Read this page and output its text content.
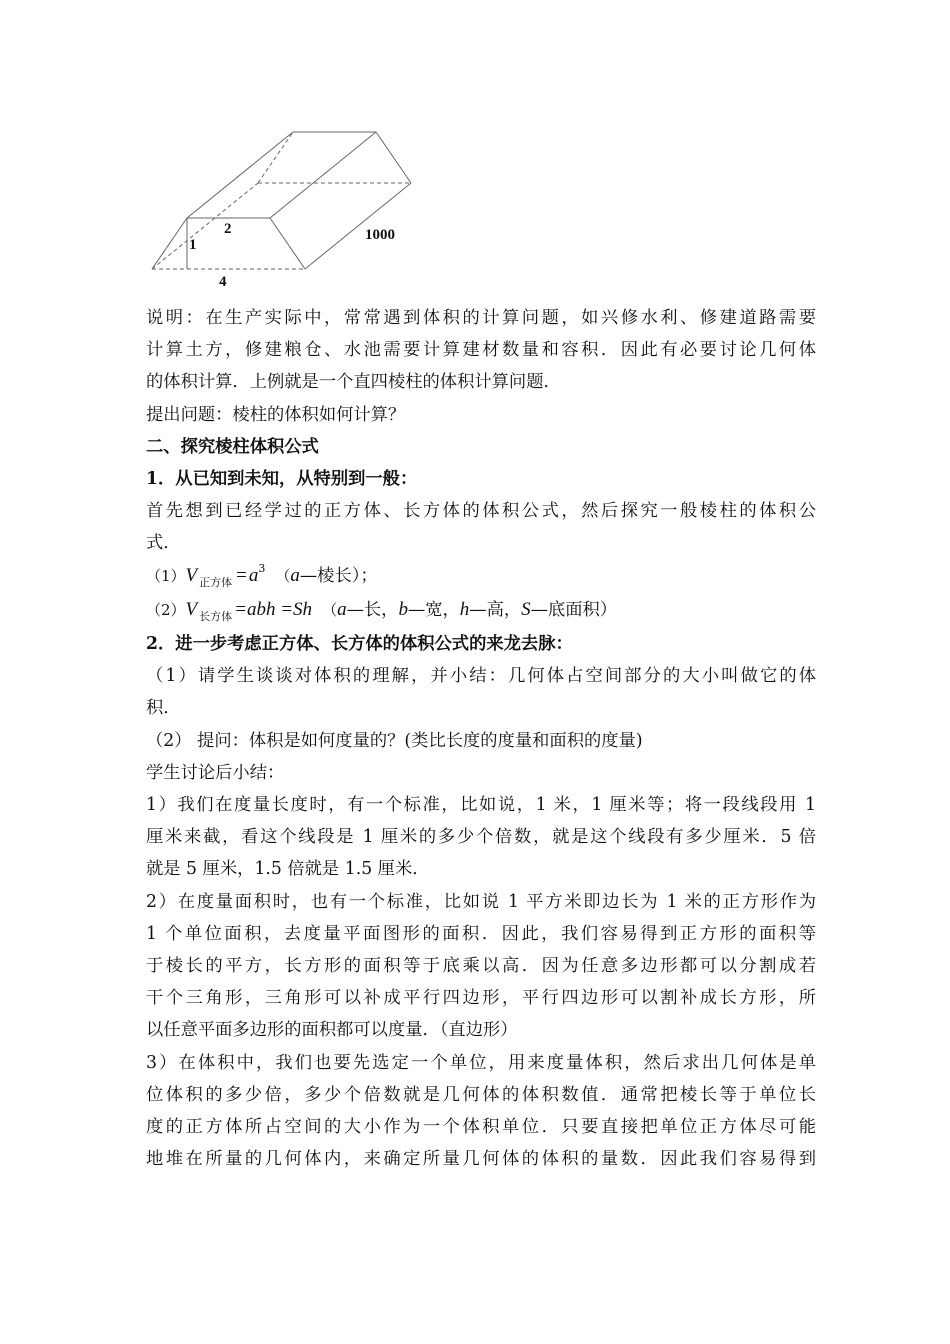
2
1
4
1000

说明：在生产实际中，常常遇到体积的计算问题，如兴修水利、修建道路需要

计算土方，修建粮仓、水池需要计算建材数量和容积．因此有必要讨论几何体

的体积计算．上例就是一个直四棱柱的体积计算问题．

提出问题：棱柱的体积如何计算？

二、探究棱柱体积公式

1．从已知到未知，从特别到一般：

首先想到已经学过的正方体、长方体的体积公式，然后探究一般棱柱的体积公

式．

（1） V 正方体 = a 3 （ a —棱长）；

（2） V 长方体 =abh =Sh （ a —长， b —宽， h —高， S —底面积）

2．进一步考虑正方体、长方体的体积公式的来龙去脉：

（1）请学生谈谈对体积的理解，并小结：几何体占空间部分的大小叫做它的体

积．

（2） 提问：体积是如何度量的？(类比长度的度量和面积的度量)

学生讨论后小结：

1）我们在度量长度时，有一个标准，比如说，1 米，1 厘米等；将一段线段用 1

厘米来截，看这个线段是 1 厘米的多少个倍数，就是这个线段有多少厘米．5 倍

就是 5 厘米，1.5 倍就是 1.5 厘米．

2）在度量面积时，也有一个标准，比如说 1 平方米即边长为 1 米的正方形作为

1 个单位面积，去度量平面图形的面积．因此，我们容易得到正方形的面积等

于棱长的平方，长方形的面积等于底乘以高．因为任意多边形都可以分割成若

干个三角形，三角形可以补成平行四边形，平行四边形可以割补成长方形，所

以任意平面多边形的面积都可以度量．（直边形）

3）在体积中，我们也要先选定一个单位，用来度量体积，然后求出几何体是单

位体积的多少倍，多少个倍数就是几何体的体积数值．通常把棱长等于单位长

度的正方体所占空间的大小作为一个体积单位．只要直接把单位正方体尽可能

地堆在所量的几何体内，来确定所量几何体的体积的量数．因此我们容易得到
